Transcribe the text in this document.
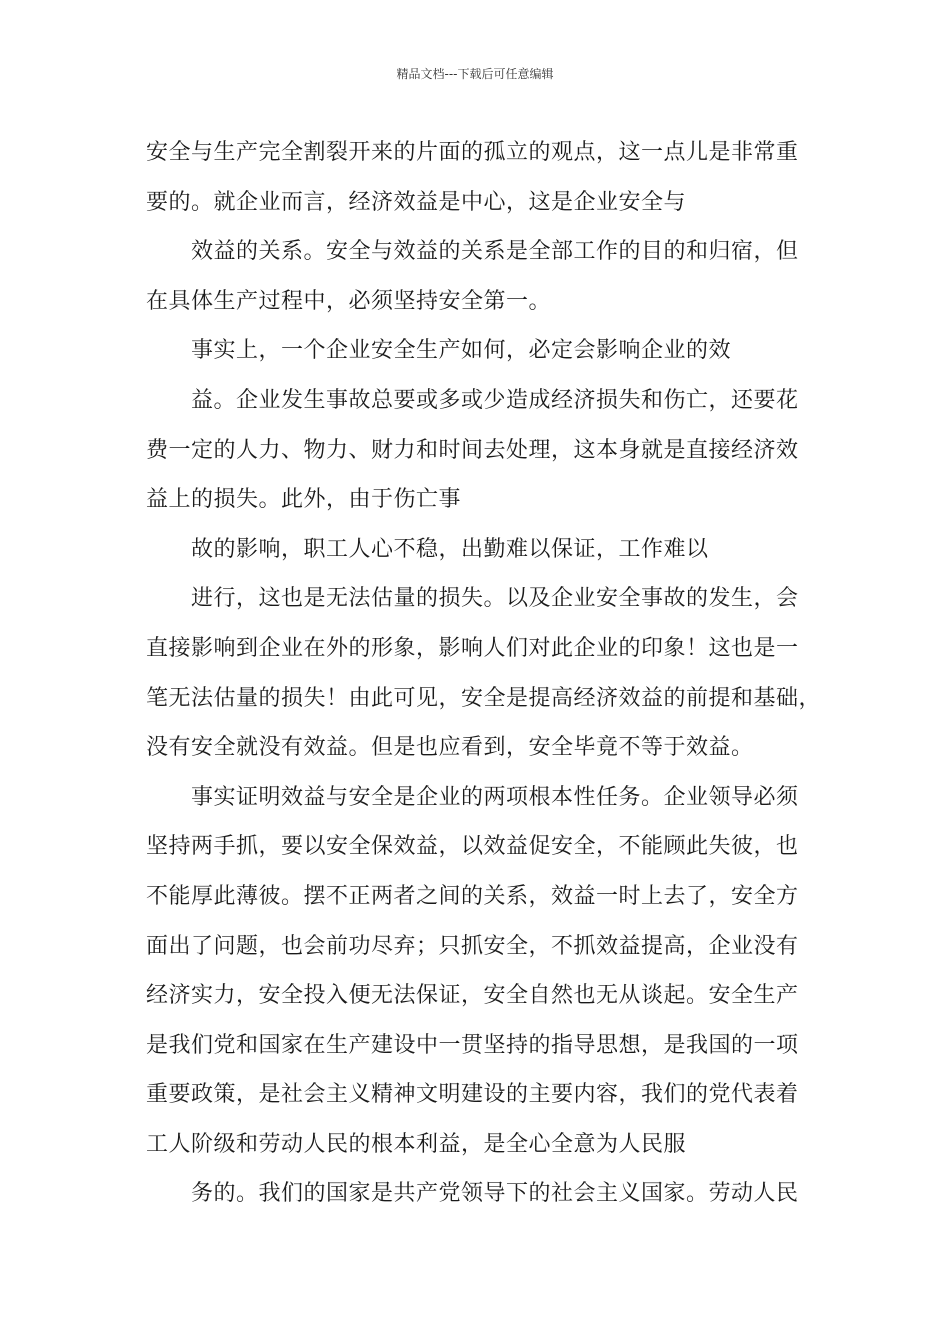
精品文档---下载后可任意编辑
安全与生产完全割裂开来的片面的孤立的观点，这一点儿是非常重
要的。就企业而言，经济效益是中心，这是企业安全与
效益的关系。安全与效益的关系是全部工作的目的和归宿，但
在具体生产过程中，必须坚持安全第一。
事实上，一个企业安全生产如何，必定会影响企业的效
益。企业发生事故总要或多或少造成经济损失和伤亡，还要花
费一定的人力、物力、财力和时间去处理，这本身就是直接经济效
益上的损失。此外，由于伤亡事
故的影响，职工人心不稳，出勤难以保证，工作难以
进行，这也是无法估量的损失。以及企业安全事故的发生，会
直接影响到企业在外的形象，影响人们对此企业的印象！这也是一
笔无法估量的损失！由此可见，安全是提高经济效益的前提和基础，
没有安全就没有效益。但是也应看到，安全毕竟不等于效益。
事实证明效益与安全是企业的两项根本性任务。企业领导必须
坚持两手抓，要以安全保效益，以效益促安全，不能顾此失彼，也
不能厚此薄彼。摆不正两者之间的关系，效益一时上去了，安全方
面出了问题，也会前功尽弃；只抓安全，不抓效益提高，企业没有
经济实力，安全投入便无法保证，安全自然也无从谈起。安全生产
是我们党和国家在生产建设中一贯坚持的指导思想，是我国的一项
重要政策，是社会主义精神文明建设的主要内容，我们的党代表着
工人阶级和劳动人民的根本利益，是全心全意为人民服
务的。我们的国家是共产党领导下的社会主义国家。劳动人民
